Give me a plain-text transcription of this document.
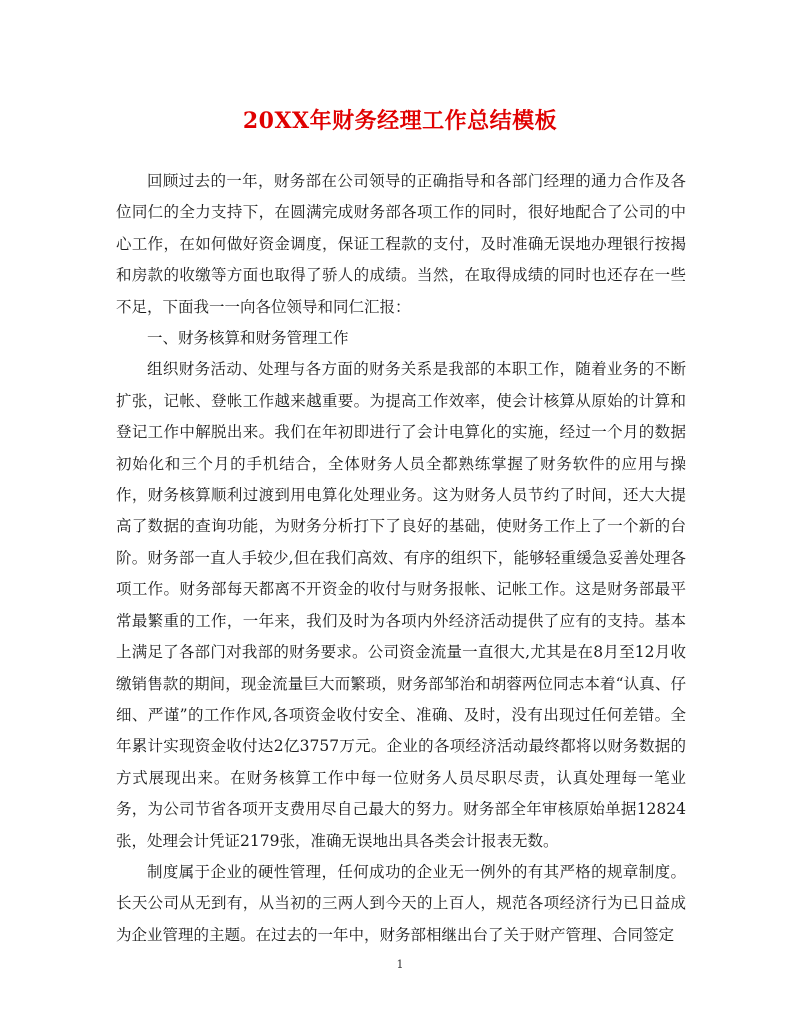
20XX年财务经理工作总结模板

回顾过去的一年，财务部在公司领导的正确指导和各部门经理的通力合作及各位同仁的全力支持下，在圆满完成财务部各项工作的同时，很好地配合了公司的中心工作，在如何做好资金调度，保证工程款的支付，及时准确无误地办理银行按揭和房款的收缴等方面也取得了骄人的成绩。当然，在取得成绩的同时也还存在一些不足，下面我一一向各位领导和同仁汇报：

一、财务核算和财务管理工作

组织财务活动、处理与各方面的财务关系是我部的本职工作，随着业务的不断扩张，记帐、登帐工作越来越重要。为提高工作效率，使会计核算从原始的计算和登记工作中解脱出来。我们在年初即进行了会计电算化的实施，经过一个月的数据初始化和三个月的手机结合，全体财务人员全都熟练掌握了财务软件的应用与操作，财务核算顺利过渡到用电算化处理业务。这为财务人员节约了时间，还大大提高了数据的查询功能，为财务分析打下了良好的基础，使财务工作上了一个新的台阶。财务部一直人手较少,但在我们高效、有序的组织下，能够轻重缓急妥善处理各项工作。财务部每天都离不开资金的收付与财务报帐、记帐工作。这是财务部最平常最繁重的工作，一年来，我们及时为各项内外经济活动提供了应有的支持。基本上满足了各部门对我部的财务要求。公司资金流量一直很大,尤其是在8月至12月收缴销售款的期间，现金流量巨大而繁琐，财务部邹治和胡蓉两位同志本着“认真、仔细、严谨”的工作作风,各项资金收付安全、准确、及时，没有出现过任何差错。全年累计实现资金收付达2亿3757万元。企业的各项经济活动最终都将以财务数据的方式展现出来。在财务核算工作中每一位财务人员尽职尽责，认真处理每一笔业务，为公司节省各项开支费用尽自己最大的努力。财务部全年审核原始单据12824张，处理会计凭证2179张，准确无误地出具各类会计报表无数。

制度属于企业的硬性管理，任何成功的企业无一例外的有其严格的规章制度。长天公司从无到有，从当初的三两人到今天的上百人，规范各项经济行为已日益成为企业管理的主题。在过去的一年中，财务部相继出台了关于财产管理、合同签定

1
